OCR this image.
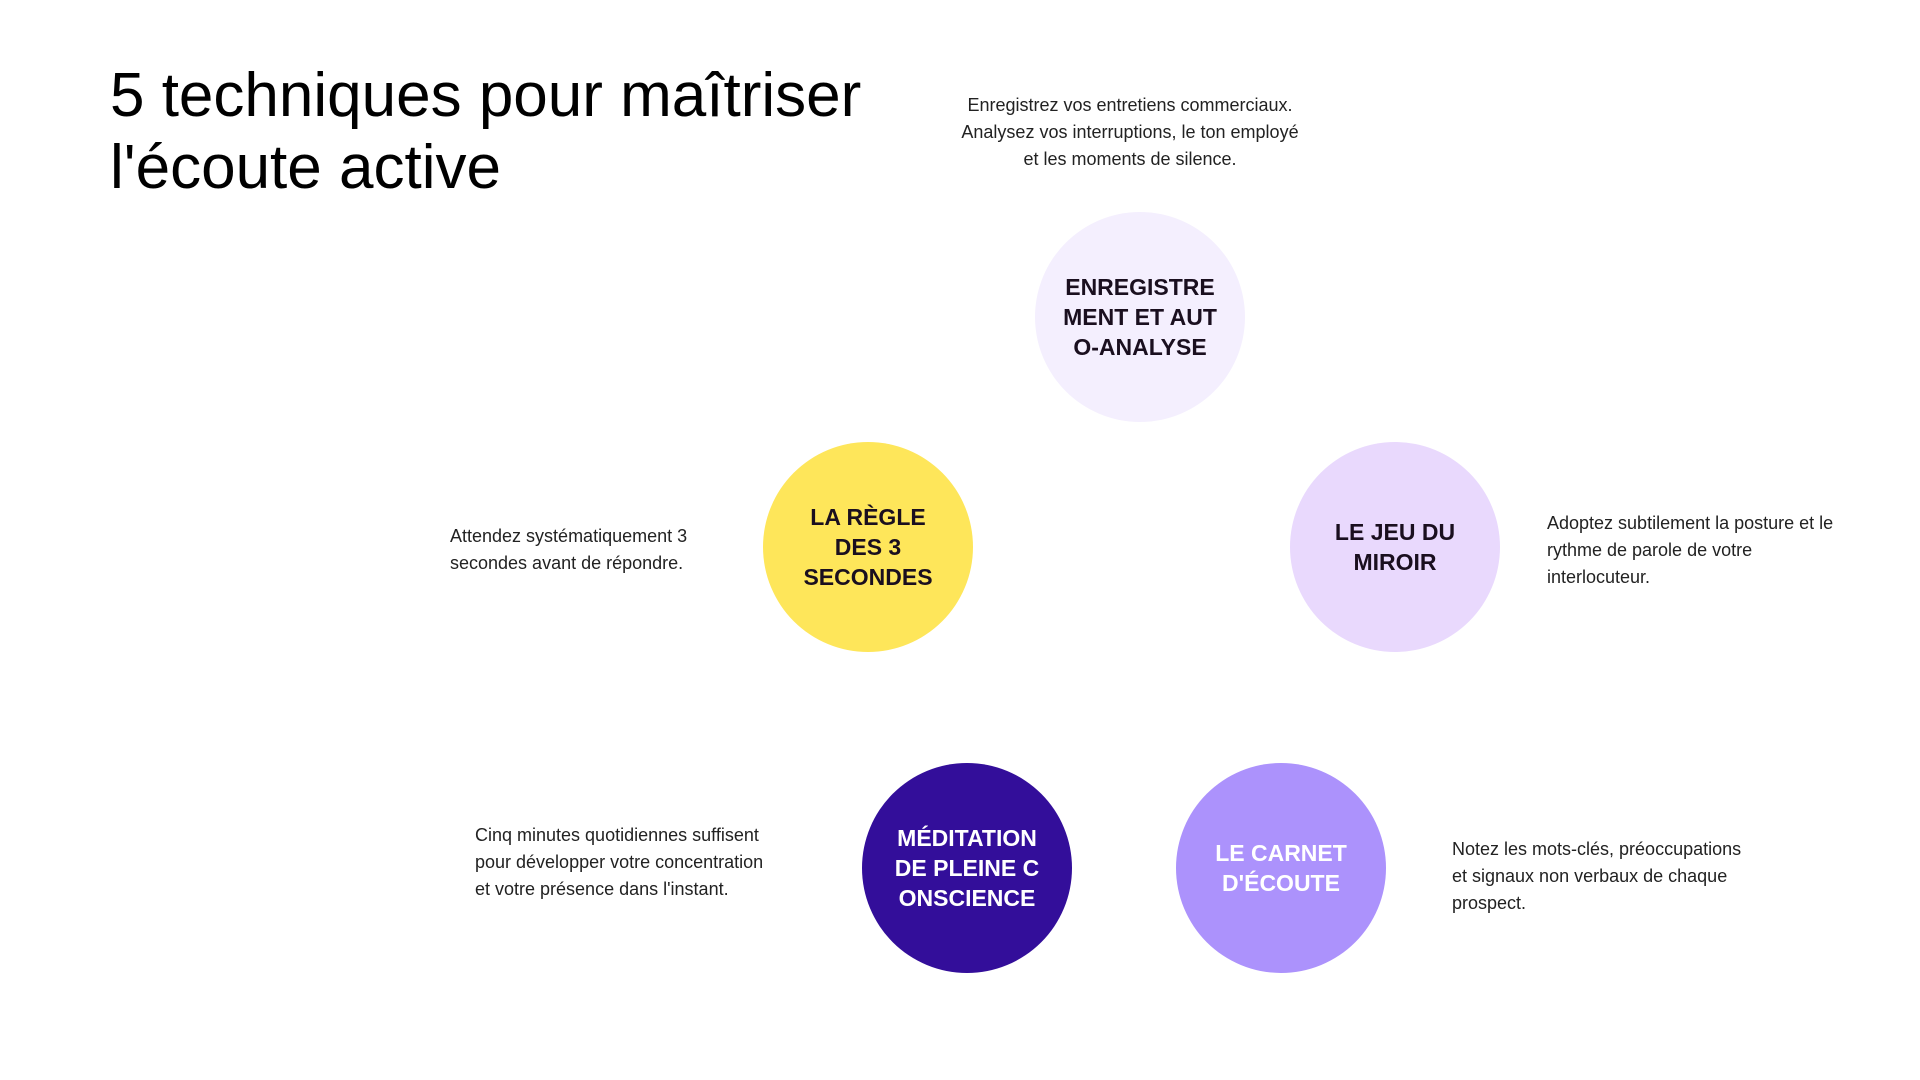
5 techniques pour maîtriser l'écoute active

Enregistrez vos entretiens commerciaux. Analysez vos interruptions, le ton employé et les moments de silence.

ENREGISTREMENT ET AUTO-ANALYSE

Attendez systématiquement 3 secondes avant de répondre.

LA RÈGLE DES 3 SECONDES
LE JEU DU MIROIR

Adoptez subtilement la posture et le rythme de parole de votre interlocuteur.

Cinq minutes quotidiennes suffisent pour développer votre concentration et votre présence dans l'instant.

MÉDITATION DE PLEINE CONSCIENCE
LE CARNET D'ÉCOUTE

Notez les mots-clés, préoccupations et signaux non verbaux de chaque prospect.
